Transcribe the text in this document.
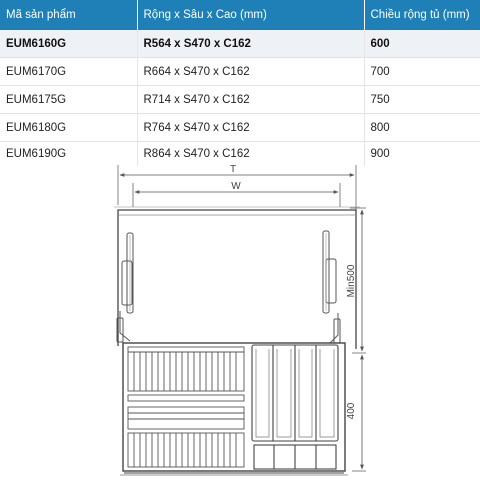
Mã sản phẩm	Rộng x Sâu x Cao (mm)	Chiều rộng tủ (mm)
EUM6160G	R564 x S470 x C162	600
EUM6170G	R664 x S470 x C162	700
EUM6175G	R714 x S470 x C162	750
EUM6180G	R764 x S470 x C162	800
EUM6190G	R864 x S470 x C162	900
T
W
Min500
400
